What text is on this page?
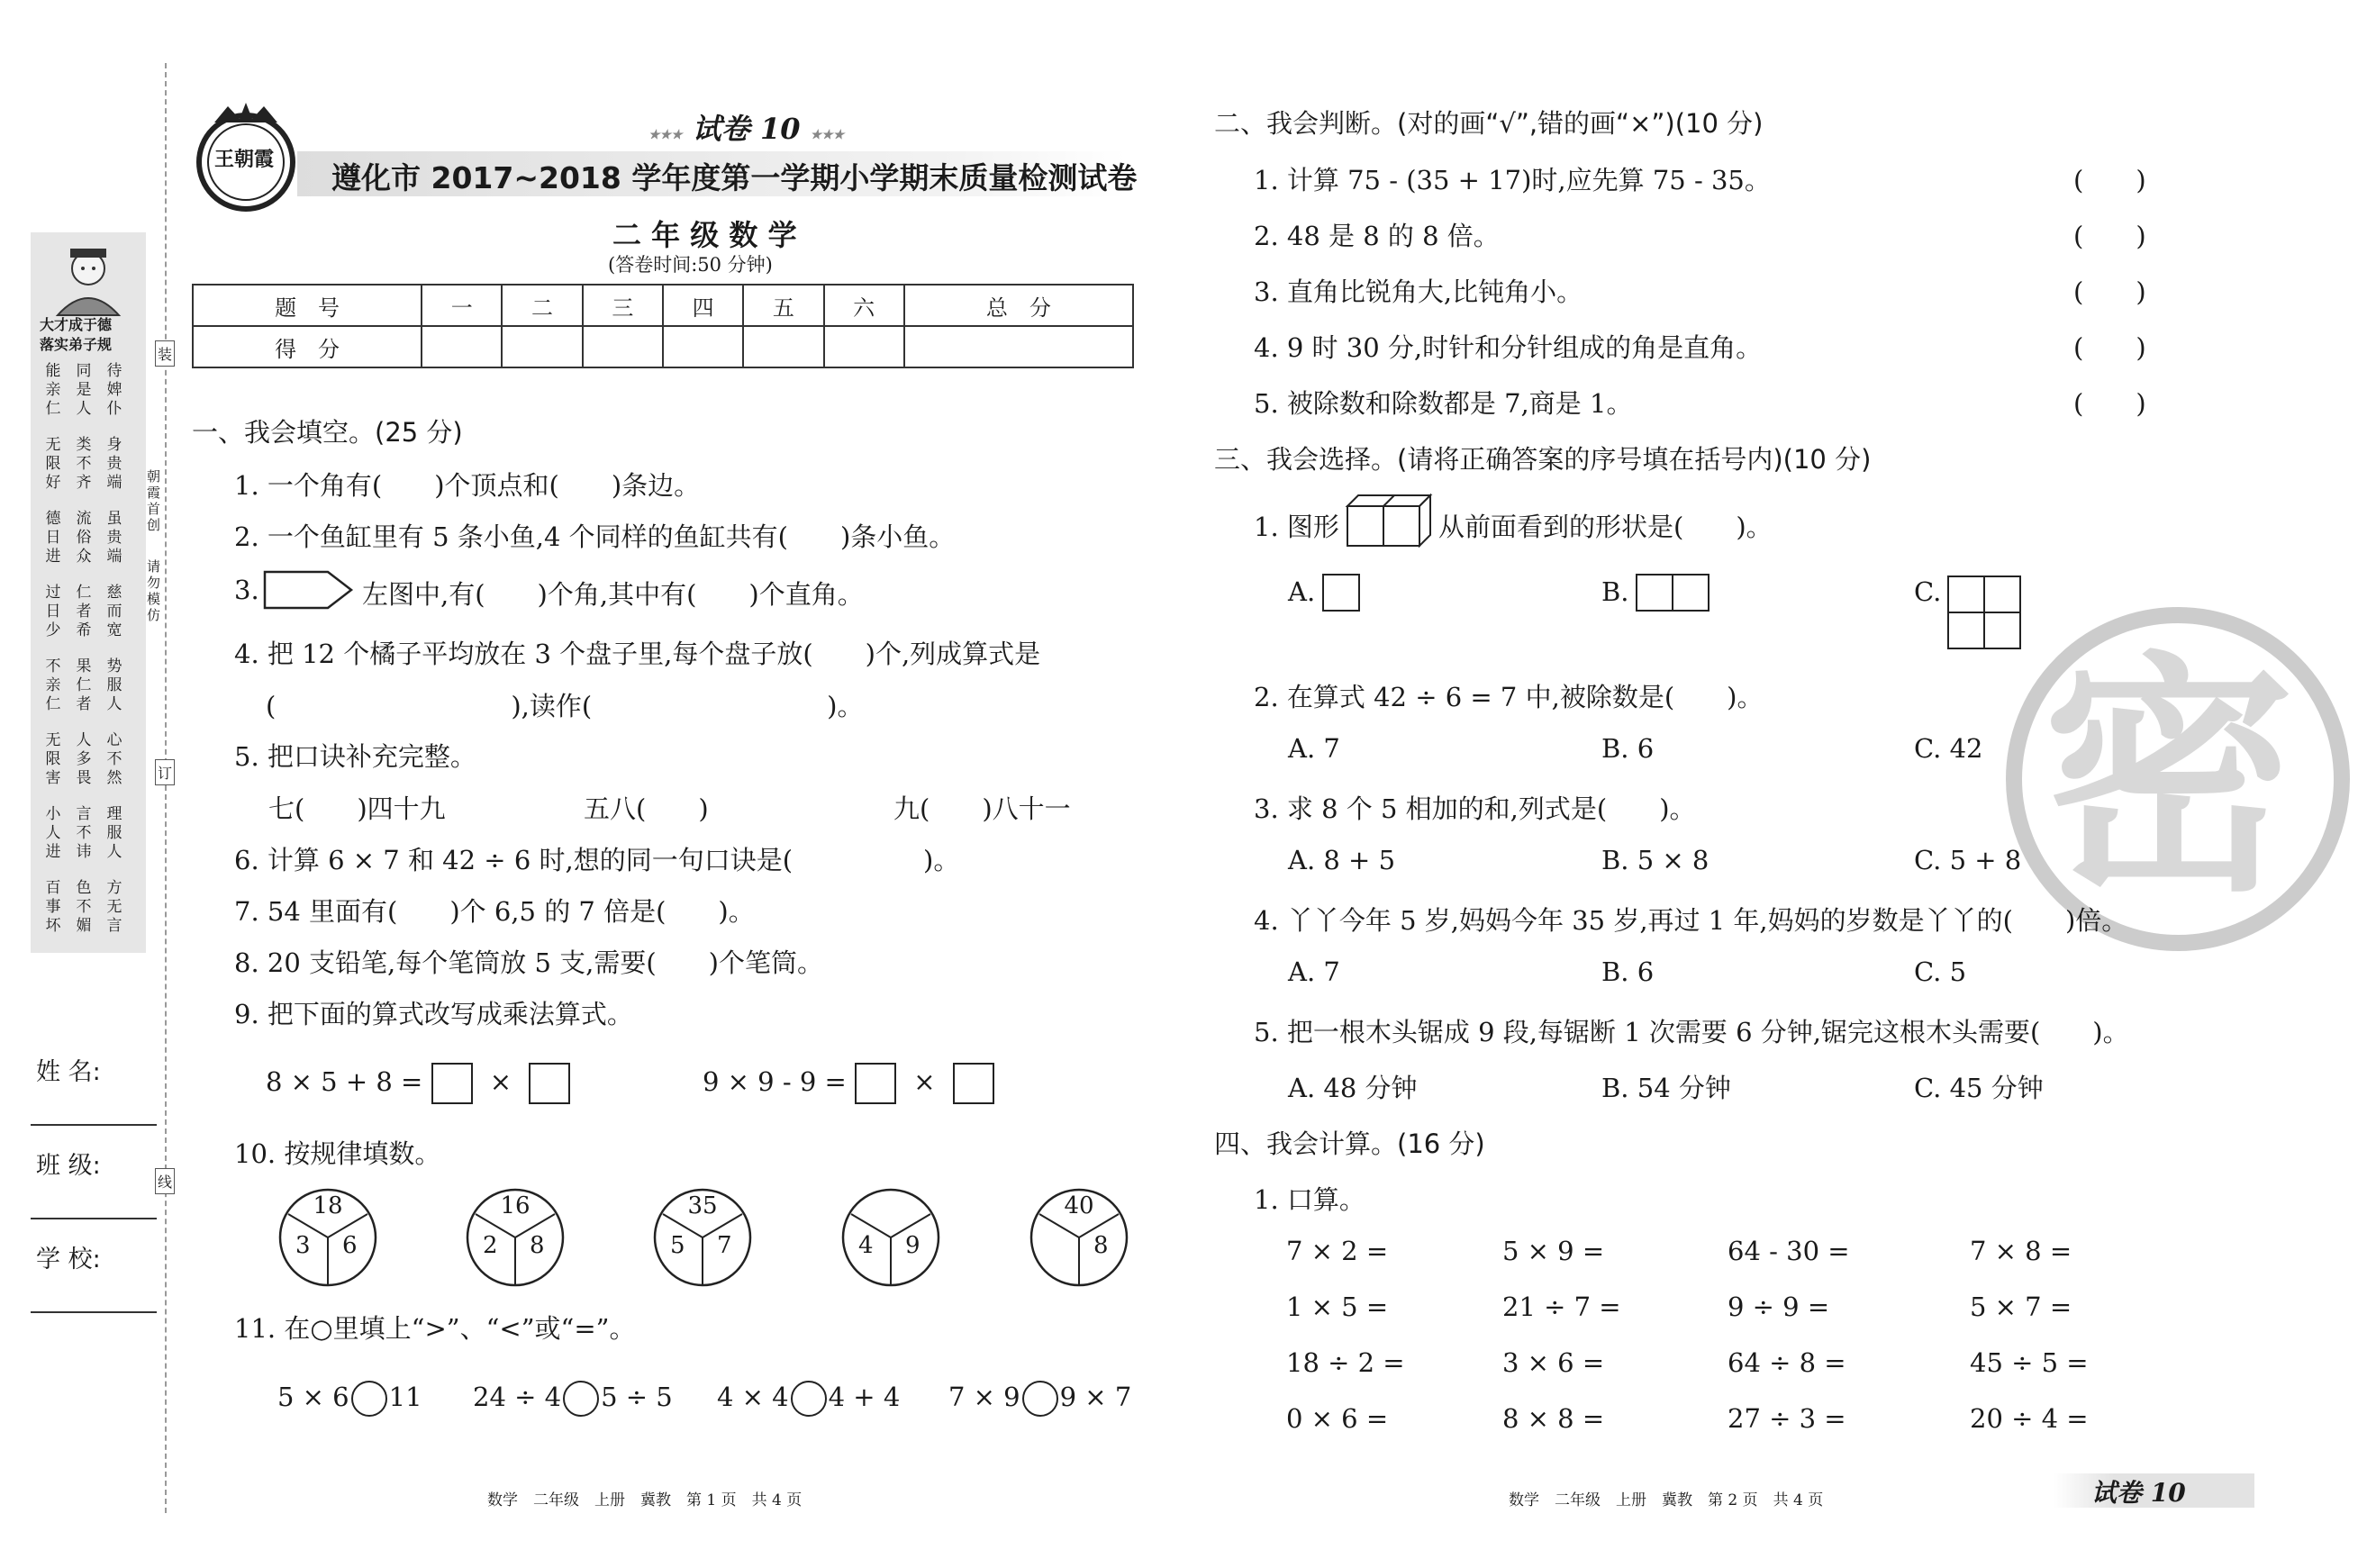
装
订
线
朝霞首创
请勿模仿
大才成于德
落实弟子规
能亲仁
同是人
待婢仆
无限好
类不齐
身贵端
德日进
流俗众
虽贵端
过日少
仁者希
慈而宽
不亲仁
果仁者
势服人
无限害
人多畏
心不然
小人进
言不讳
理服人
百事坏
色不媚
方无言
姓 名:
班 级:
学 校:
王朝霞
★★★ 试卷 10 ★★★
遵化市 2017~2018 学年度第一学期小学期末质量检测试卷
二 年 级 数 学
(答卷时间:50 分钟)
题　号	一	二	三	四	五	六	总　分
得　分							
一、我会填空。(25 分)
1. 一个角有(　　)个顶点和(　　)条边。
2. 一个鱼缸里有 5 条小鱼,4 个同样的鱼缸共有(　　)条小鱼。
3.	左图中,有(　　)个角,其中有(　　)个直角。
4. 把 12 个橘子平均放在 3 个盘子里,每个盘子放(　　)个,列成算式是
(　　　　　　　　　),读作(　　　　　　　　　)。
5. 把口诀补充完整。
七(　　)四十九	五八(　　)	九(　　)八十一
6. 计算 6 × 7 和 42 ÷ 6 时,想的同一句口诀是(　　　　　)。
7. 54 里面有(　　)个 6,5 的 7 倍是(　　)。
8. 20 支铅笔,每个笔筒放 5 支,需要(　　)个笔筒。
9. 把下面的算式改写成乘法算式。
8 × 5 + 8 =	×	9 × 9 - 9 =	×
10. 按规律填数。
18
3 6
16
2 8
35
5 7	4 9
40
8
11. 在○里填上“>”、“<”或“=”。
5 × 6 11 24 ÷ 4 5 ÷ 5 4 × 4 4 + 4 7 × 9 9 × 7
数学　二年级　上册　冀教　第 1 页　共 4 页
密
二、我会判断。(对的画“√”,错的画“×”)(10 分)
1. 计算 75 - (35 + 17)时,应先算 75 - 35。	(　　)
2. 48 是 8 的 8 倍。	(　　)
3. 直角比锐角大,比钝角小。	(　　)
4. 9 时 30 分,时针和分针组成的角是直角。	(　　)
5. 被除数和除数都是 7,商是 1。	(　　)
三、我会选择。(请将正确答案的序号填在括号内)(10 分)
1. 图形	从前面看到的形状是(　　)。
A.	B.	C.
2. 在算式 42 ÷ 6 = 7 中,被除数是(　　)。
A. 7	B. 6	C. 42
3. 求 8 个 5 相加的和,列式是(　　)。
A. 8 + 5	B. 5 × 8	C. 5 + 8
4. 丫丫今年 5 岁,妈妈今年 35 岁,再过 1 年,妈妈的岁数是丫丫的(　　)倍。
A. 7	B. 6	C. 5
5. 把一根木头锯成 9 段,每锯断 1 次需要 6 分钟,锯完这根木头需要(　　)。
A. 48 分钟	B. 54 分钟	C. 45 分钟
四、我会计算。(16 分)
1. 口算。
7 × 2 =	5 × 9 =	64 - 30 =	7 × 8 =
1 × 5 =	21 ÷ 7 =	9 ÷ 9 =	5 × 7 =
18 ÷ 2 =	3 × 6 =	64 ÷ 8 =	45 ÷ 5 =
0 × 6 =	8 × 8 =	27 ÷ 3 =	20 ÷ 4 =
数学　二年级　上册　冀教　第 2 页　共 4 页	试卷 10
